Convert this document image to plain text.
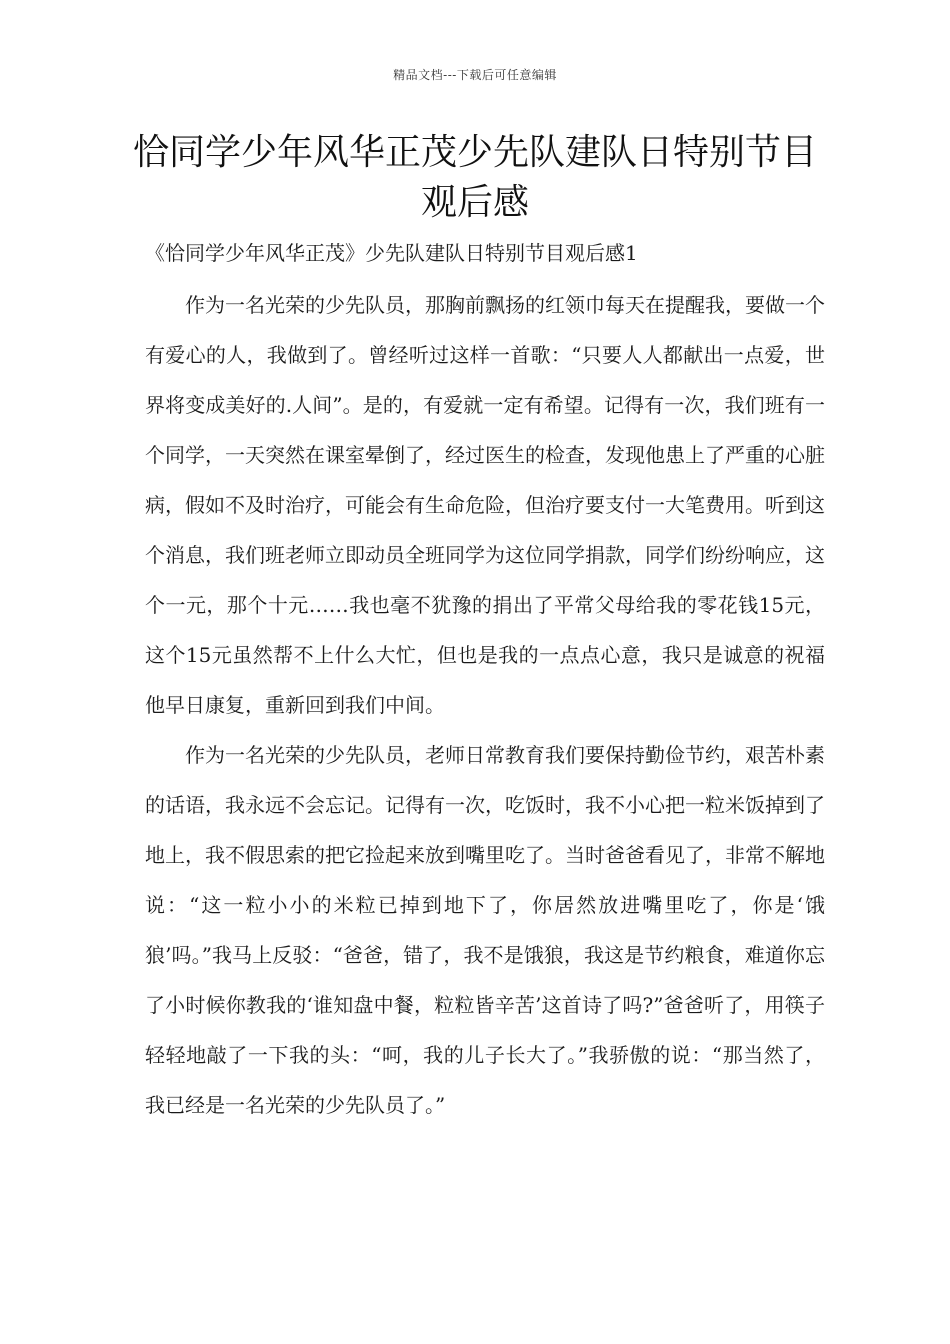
精品文档---下载后可任意编辑
恰同学少年风华正茂少先队建队日特别节目观后感

《恰同学少年风华正茂》少先队建队日特别节目观后感1

作为一名光荣的少先队员，那胸前飘扬的红领巾每天在提醒我，要做一个有爱心的人，我做到了。曾经听过这样一首歌：“只要人人都献出一点爱，世界将变成美好的.人间”。是的，有爱就一定有希望。记得有一次，我们班有一个同学，一天突然在课室晕倒了，经过医生的检查，发现他患上了严重的心脏病，假如不及时治疗，可能会有生命危险，但治疗要支付一大笔费用。听到这个消息，我们班老师立即动员全班同学为这位同学捐款，同学们纷纷响应，这个一元，那个十元……我也毫不犹豫的捐出了平常父母给我的零花钱15元，这个15元虽然帮不上什么大忙，但也是我的一点点心意，我只是诚意的祝福他早日康复，重新回到我们中间。

作为一名光荣的少先队员，老师日常教育我们要保持勤俭节约，艰苦朴素的话语，我永远不会忘记。记得有一次，吃饭时，我不小心把一粒米饭掉到了地上，我不假思索的把它捡起来放到嘴里吃了。当时爸爸看见了，非常不解地说：“这一粒小小的米粒已掉到地下了，你居然放进嘴里吃了，你是‘饿狼’吗。”我马上反驳：“爸爸，错了，我不是饿狼，我这是节约粮食，难道你忘了小时候你教我的‘谁知盘中餐，粒粒皆辛苦’这首诗了吗?”爸爸听了，用筷子轻轻地敲了一下我的头：“呵，我的儿子长大了。”我骄傲的说：“那当然了，我已经是一名光荣的少先队员了。”
